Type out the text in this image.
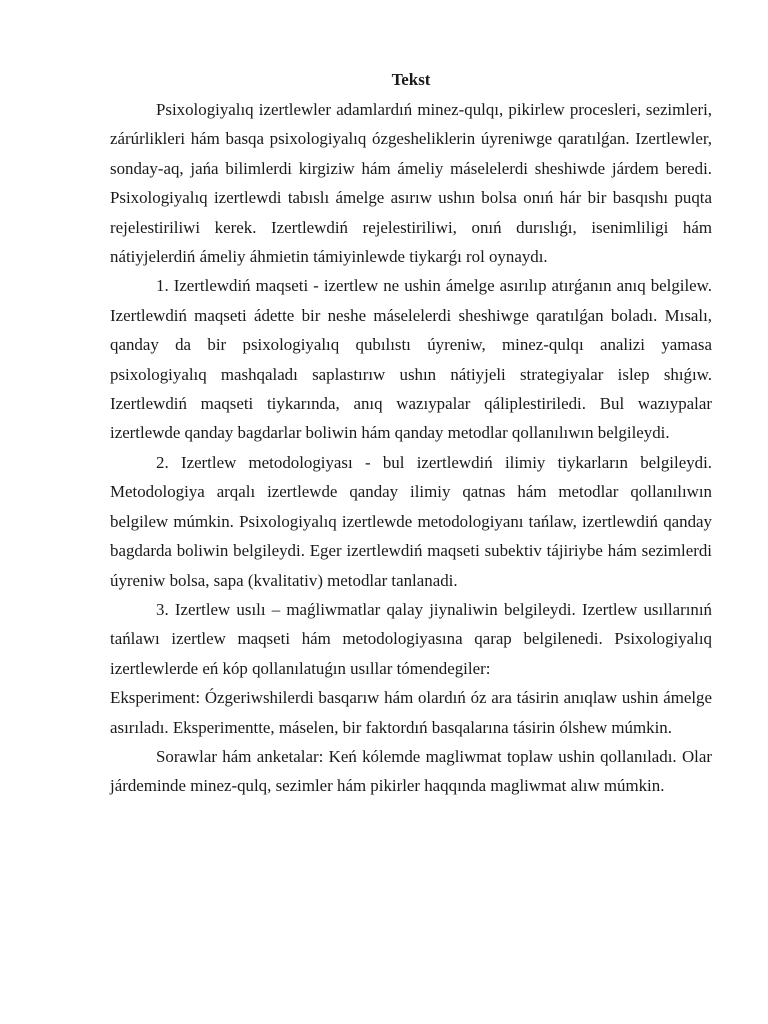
Tekst

Psixologiyalıq izertlewler adamlardıń minez-qulqı, pikirlew procesleri, sezimleri, zárúrlikleri hám basqa psixologiyalıq ózgesheliklerin úyreniwge qaratılǵan. Izertlewler, sonday-aq, jańa bilimlerdi kirgiziw hám ámeliy máselelerdi sheshiwde járdem beredi. Psixologiyalıq izertlewdi tabıslı ámelge asırıw ushın bolsa onıń hár bir basqıshı puqta rejelestiriliwi kerek. Izertlewdiń rejelestiriliwi, onıń durıslıǵı, isenimliligi hám nátiyjelerdiń ámeliy áhmietin támiyinlewde tiykarǵı rol oynaydı.

1. Izertlewdiń maqseti - izertlew ne ushin ámelge asırılıp atırǵanın anıq belgilew. Izertlewdiń maqseti ádette bir neshe máselelerdi sheshiwge qaratılǵan boladı. Mısalı, qanday da bir psixologiyalıq qubılıstı úyreniw, minez-qulqı analizi yamasa psixologiyalıq mashqaladı saplastırıw ushın nátiyjeli strategiyalar islep shıǵıw. Izertlewdiń maqseti tiykarında, anıq wazıypalar qáliplestiriledi. Bul wazıypalar izertlewde qanday bagdarlar boliwin hám qanday metodlar qollanılıwın belgileydi.

2. Izertlew metodologiyası - bul izertlewdiń ilimiy tiykarların belgileydi. Metodologiya arqalı izertlewde qanday ilimiy qatnas hám metodlar qollanılıwın belgilew múmkin. Psixologiyalıq izertlewde metodologiyanı tańlaw, izertlewdiń qanday bagdarda boliwin belgileydi. Eger izertlewdiń maqseti subektiv tájiriybe hám sezimlerdi úyreniw bolsa, sapa (kvalitativ) metodlar tanlanadi.

3. Izertlew usılı – maǵliwmatlar qalay jiynaliwin belgileydi. Izertlew usıllarınıń tańlawı izertlew maqseti hám metodologiyasına qarap belgilenedi. Psixologiyalıq izertlewlerde eń kóp qollanılatuǵın usıllar tómendegiler:

Eksperiment: Ózgeriwshilerdi basqarıw hám olardıń óz ara tásirin anıqlaw ushin ámelge asırıladı. Eksperimentte, máselen, bir faktordıń basqalarına tásirin ólshew múmkin.

Sorawlar hám anketalar: Keń kólemde magliwmat toplaw ushin qollanıladı. Olar járdeminde minez-qulq, sezimler hám pikirler haqqında magliwmat alıw múmkin.
